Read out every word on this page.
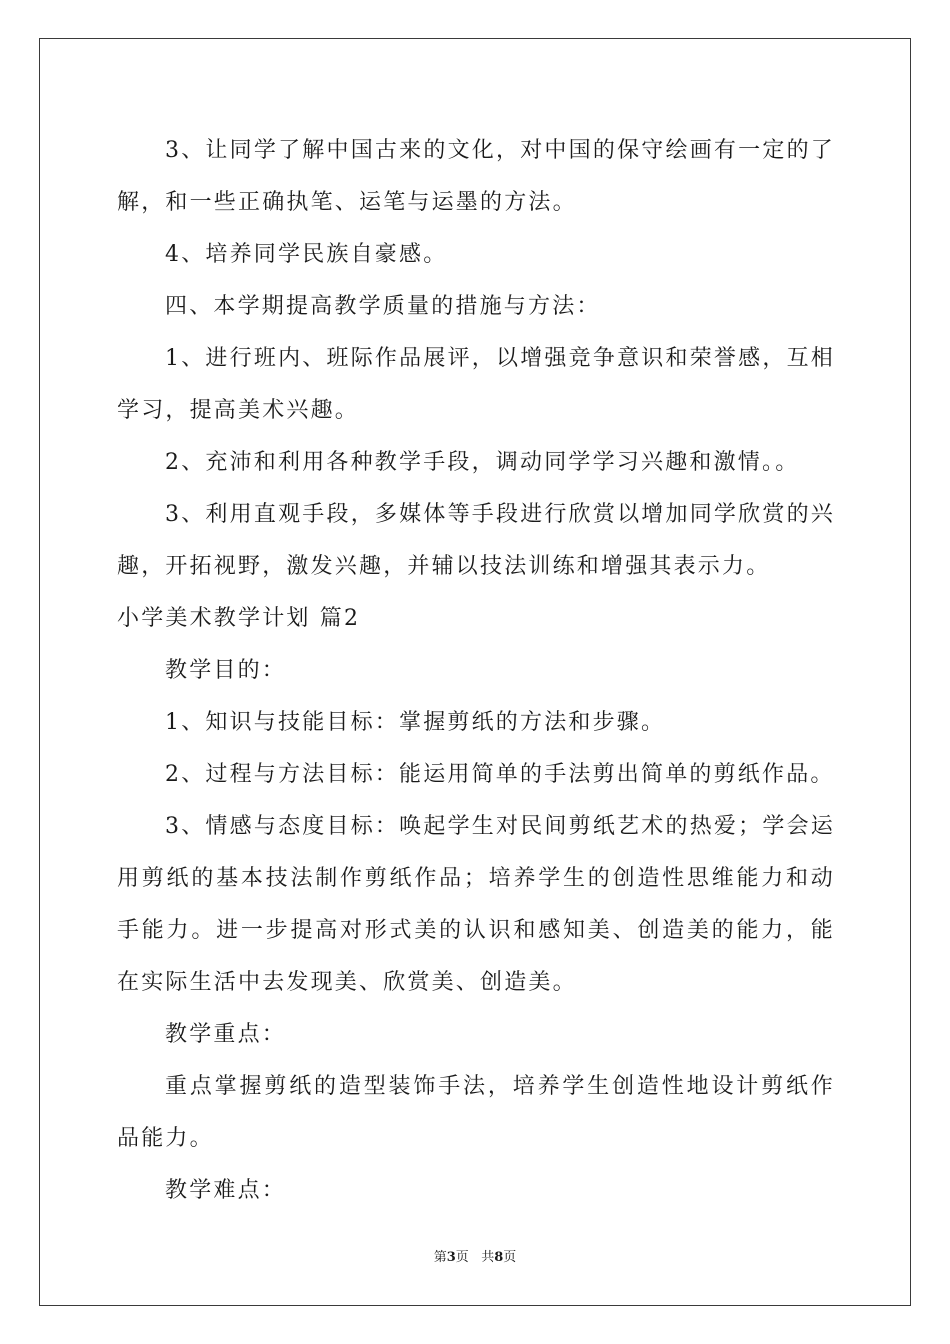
3、让同学了解中国古来的文化，对中国的保守绘画有一定的了解，和一些正确执笔、运笔与运墨的方法。

4、培养同学民族自豪感。

四、本学期提高教学质量的措施与方法：

1、进行班内、班际作品展评，以增强竞争意识和荣誉感，互相学习，提高美术兴趣。

2、充沛和利用各种教学手段，调动同学学习兴趣和激情。。

3、利用直观手段，多媒体等手段进行欣赏以增加同学欣赏的兴趣，开拓视野，激发兴趣，并辅以技法训练和增强其表示力。

小学美术教学计划 篇2

教学目的：

1、知识与技能目标：掌握剪纸的方法和步骤。

2、过程与方法目标：能运用简单的手法剪出简单的剪纸作品。

3、情感与态度目标：唤起学生对民间剪纸艺术的热爱；学会运用剪纸的基本技法制作剪纸作品；培养学生的创造性思维能力和动手能力。进一步提高对形式美的认识和感知美、创造美的能力，能在实际生活中去发现美、欣赏美、创造美。

教学重点：

重点掌握剪纸的造型装饰手法，培养学生创造性地设计剪纸作品能力。

教学难点：

第3页 共8页
